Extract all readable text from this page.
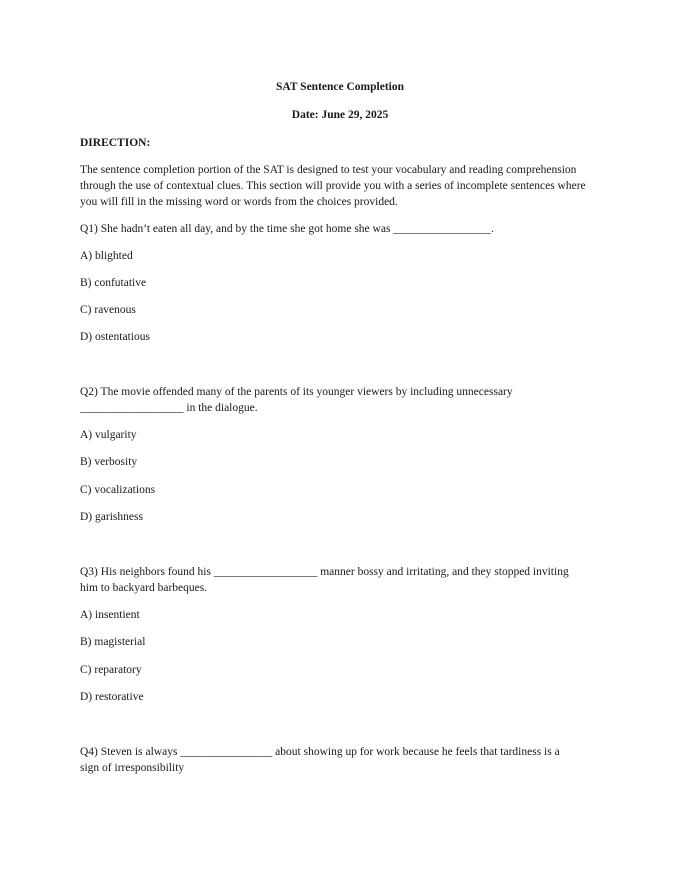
SAT Sentence Completion
Date: June 29, 2025
DIRECTION:
The sentence completion portion of the SAT is designed to test your vocabulary and reading comprehension through the use of contextual clues. This section will provide you with a series of incomplete sentences where you will fill in the missing word or words from the choices provided.
Q1) She hadn’t eaten all day, and by the time she got home she was _________________.
A) blighted
B) confutative
C) ravenous
D) ostentatious
Q2) The movie offended many of the parents of its younger viewers by including unnecessary
__________________ in the dialogue.
A) vulgarity
B) verbosity
C) vocalizations
D) garishness
Q3) His neighbors found his __________________ manner bossy and irritating, and they stopped inviting
him to backyard barbeques.
A) insentient
B) magisterial
C) reparatory
D) restorative
Q4) Steven is always ________________ about showing up for work because he feels that tardiness is a
sign of irresponsibility
